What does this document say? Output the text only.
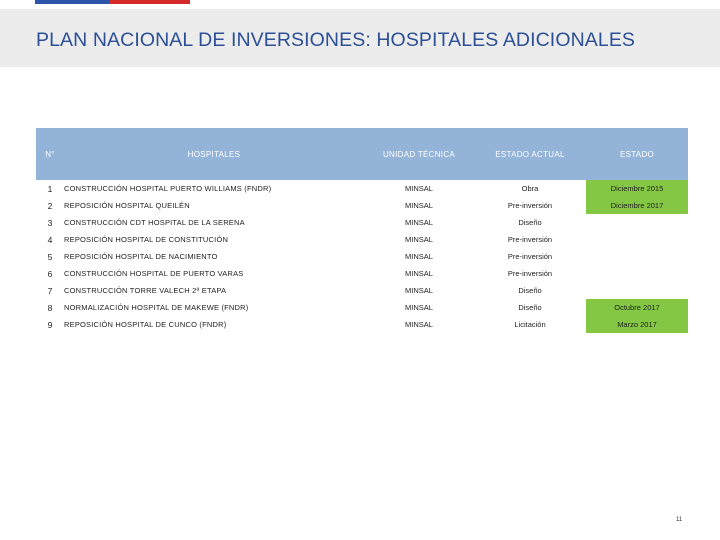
PLAN NACIONAL DE INVERSIONES: HOSPITALES ADICIONALES
N°	HOSPITALES	UNIDAD TÉCNICA	ESTADO ACTUAL	ESTADO
1	CONSTRUCCIÓN HOSPITAL PUERTO WILLIAMS (FNDR)	MINSAL	Obra	Diciembre 2015
2	REPOSICIÓN HOSPITAL QUEILÉN	MINSAL	Pre-inversión	Diciembre 2017
3	CONSTRUCCIÓN CDT HOSPITAL DE LA SERENA	MINSAL	Diseño	
4	REPOSICIÓN HOSPITAL DE CONSTITUCIÓN	MINSAL	Pre-inversión	
5	REPOSICIÓN HOSPITAL DE NACIMIENTO	MINSAL	Pre-inversión	
6	CONSTRUCCIÓN HOSPITAL DE PUERTO VARAS	MINSAL	Pre-inversión	
7	CONSTRUCCIÓN TORRE VALECH 2ª ETAPA	MINSAL	Diseño	
8	NORMALIZACIÓN HOSPITAL DE MAKEWE (FNDR)	MINSAL	Diseño	Octubre 2017
9	REPOSICIÓN HOSPITAL DE CUNCO (FNDR)	MINSAL	Licitación	Marzo 2017
11
